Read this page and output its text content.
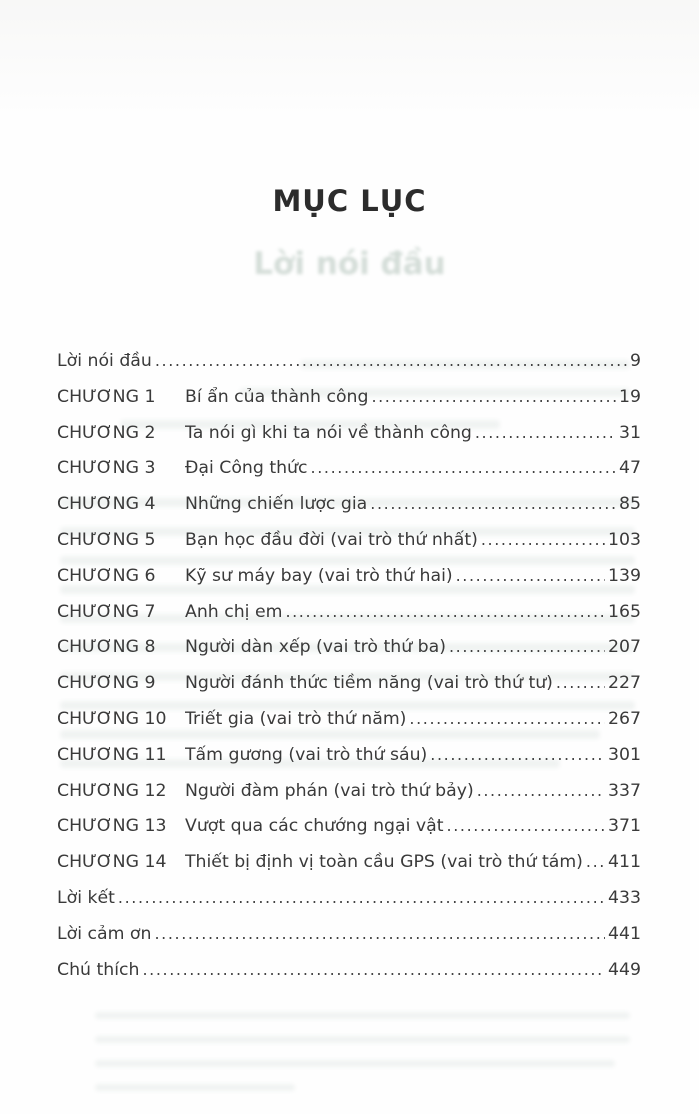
MỤC LỤC
Lời nói đầu
Lời nói đầu .....	9
CHƯƠNG 1	Bí ẩn của thành công .....	19
CHƯƠNG 2	Ta nói gì khi ta nói về thành công .....	31
CHƯƠNG 3	Đại Công thức .....	47
CHƯƠNG 4	Những chiến lược gia .....	85
CHƯƠNG 5	Bạn học đầu đời (vai trò thứ nhất) .....	103
CHƯƠNG 6	Kỹ sư máy bay (vai trò thứ hai) .....	139
CHƯƠNG 7	Anh chị em .....	165
CHƯƠNG 8	Người dàn xếp (vai trò thứ ba) .....	207
CHƯƠNG 9	Người đánh thức tiềm năng (vai trò thứ tư) .....	227
CHƯƠNG 10	Triết gia (vai trò thứ năm) .....	267
CHƯƠNG 11	Tấm gương (vai trò thứ sáu) .....	301
CHƯƠNG 12	Người đàm phán (vai trò thứ bảy) .....	337
CHƯƠNG 13	Vượt qua các chướng ngại vật .....	371
CHƯƠNG 14	Thiết bị định vị toàn cầu GPS (vai trò thứ tám) ..... 411
Lời kết .....	433
Lời cảm ơn .....	441
Chú thích .....	449
